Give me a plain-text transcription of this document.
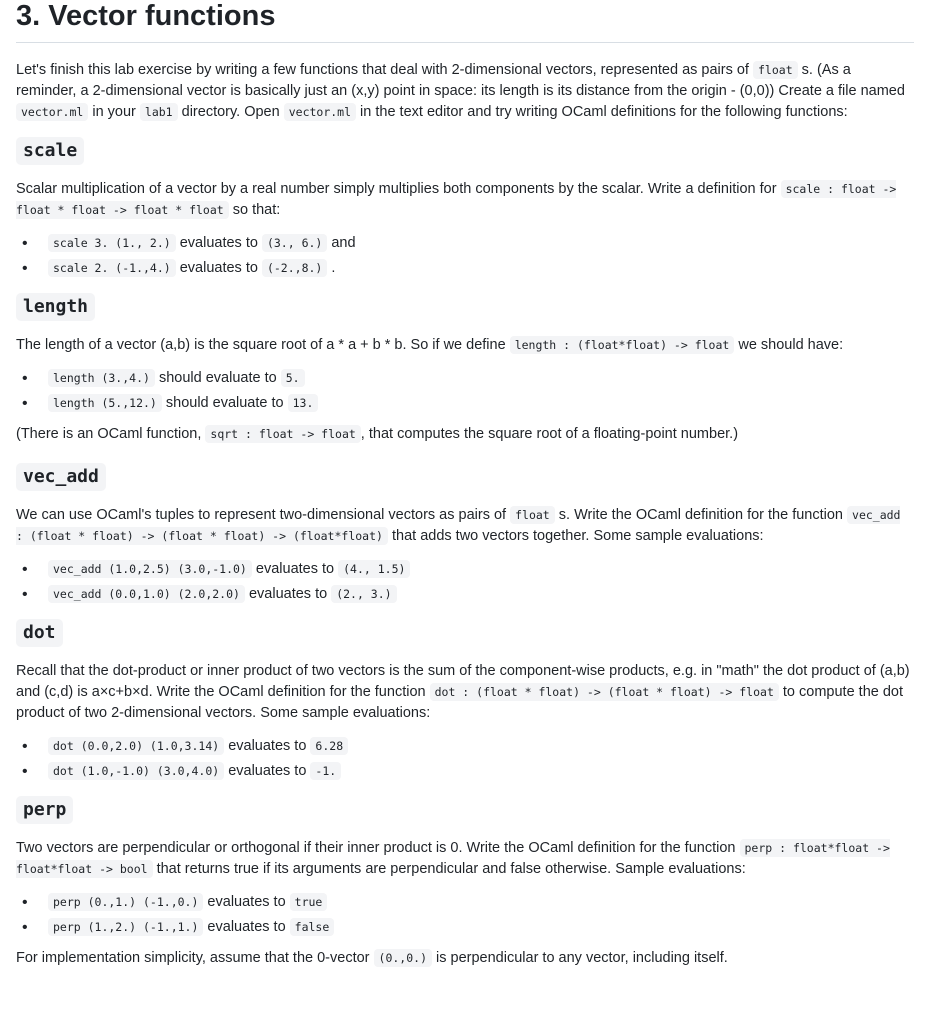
3. Vector functions

Let's finish this lab exercise by writing a few functions that deal with 2-dimensional vectors, represented as pairs of float s. (As a reminder, a 2-dimensional vector is basically just an (x,y) point in space: its length is its distance from the origin - (0,0)) Create a file named vector.ml in your lab1 directory. Open vector.ml in the text editor and try writing OCaml definitions for the following functions:

scale

Scalar multiplication of a vector by a real number simply multiplies both components by the scalar. Write a definition for scale : float -> float * float -> float * float so that:

• scale 3. (1., 2.) evaluates to (3., 6.) and
• scale 2. (-1.,4.) evaluates to (-2.,8.) .
length

The length of a vector (a,b) is the square root of a * a + b * b. So if we define length : (float*float) -> float we should have:

• length (3.,4.) should evaluate to 5.
• length (5.,12.) should evaluate to 13.

(There is an OCaml function, sqrt : float -> float , that computes the square root of a floating-point number.)

vec_add

We can use OCaml's tuples to represent two-dimensional vectors as pairs of float s. Write the OCaml definition for the function vec_add : (float * float) -> (float * float) -> (float*float) that adds two vectors together. Some sample evaluations:

• vec_add (1.0,2.5) (3.0,-1.0) evaluates to (4., 1.5)
• vec_add (0.0,1.0) (2.0,2.0) evaluates to (2., 3.)
dot

Recall that the dot-product or inner product of two vectors is the sum of the component-wise products, e.g. in "math" the dot product of (a,b) and (c,d) is a×c+b×d. Write the OCaml definition for the function dot : (float * float) -> (float * float) -> float to compute the dot product of two 2-dimensional vectors. Some sample evaluations:

• dot (0.0,2.0) (1.0,3.14) evaluates to 6.28
• dot (1.0,-1.0) (3.0,4.0) evaluates to -1.
perp

Two vectors are perpendicular or orthogonal if their inner product is 0. Write the OCaml definition for the function perp : float*float -> float*float -> bool that returns true if its arguments are perpendicular and false otherwise. Sample evaluations:

• perp (0.,1.) (-1.,0.) evaluates to true
• perp (1.,2.) (-1.,1.) evaluates to false

For implementation simplicity, assume that the 0-vector (0.,0.) is perpendicular to any vector, including itself.
